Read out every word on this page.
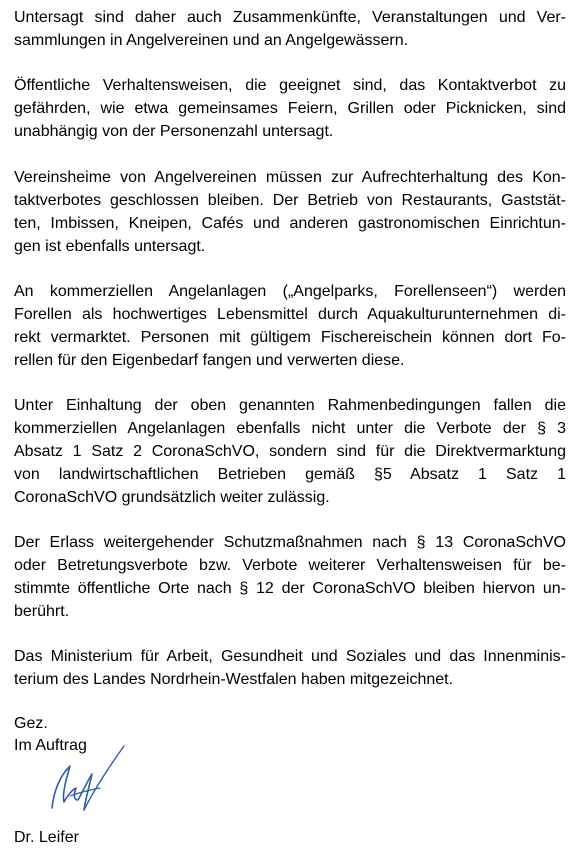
Untersagt sind daher auch Zusammenkünfte, Veranstaltungen und Ver-
sammlungen in Angelvereinen und an Angelgewässern.

Öffentliche Verhaltensweisen, die geeignet sind, das Kontaktverbot zu
gefährden, wie etwa gemeinsames Feiern, Grillen oder Picknicken, sind
unabhängig von der Personenzahl untersagt.

Vereinsheime von Angelvereinen müssen zur Aufrechterhaltung des Kon-
taktverbotes geschlossen bleiben. Der Betrieb von Restaurants, Gaststät-
ten, Imbissen, Kneipen, Cafés und anderen gastronomischen Einrichtun-
gen ist ebenfalls untersagt.

An kommerziellen Angelanlagen („Angelparks, Forellenseen“) werden
Forellen als hochwertiges Lebensmittel durch Aquakulturunternehmen di-
rekt vermarktet. Personen mit gültigem Fischereischein können dort Fo-
rellen für den Eigenbedarf fangen und verwerten diese.

Unter Einhaltung der oben genannten Rahmenbedingungen fallen die
kommerziellen Angelanlagen ebenfalls nicht unter die Verbote der § 3
Absatz 1 Satz 2 CoronaSchVO, sondern sind für die Direktvermarktung
von landwirtschaftlichen Betrieben gemäß §5 Absatz 1 Satz 1
CoronaSchVO grundsätzlich weiter zulässig.

Der Erlass weitergehender Schutzmaßnahmen nach § 13 CoronaSchVO
oder Betretungsverbote bzw. Verbote weiterer Verhaltensweisen für be-
stimmte öffentliche Orte nach § 12 der CoronaSchVO bleiben hiervon un-
berührt.

Das Ministerium für Arbeit, Gesundheit und Soziales und das Innenminis-
terium des Landes Nordrhein-Westfalen haben mitgezeichnet.

Gez.
Im Auftrag
Dr. Leifer
